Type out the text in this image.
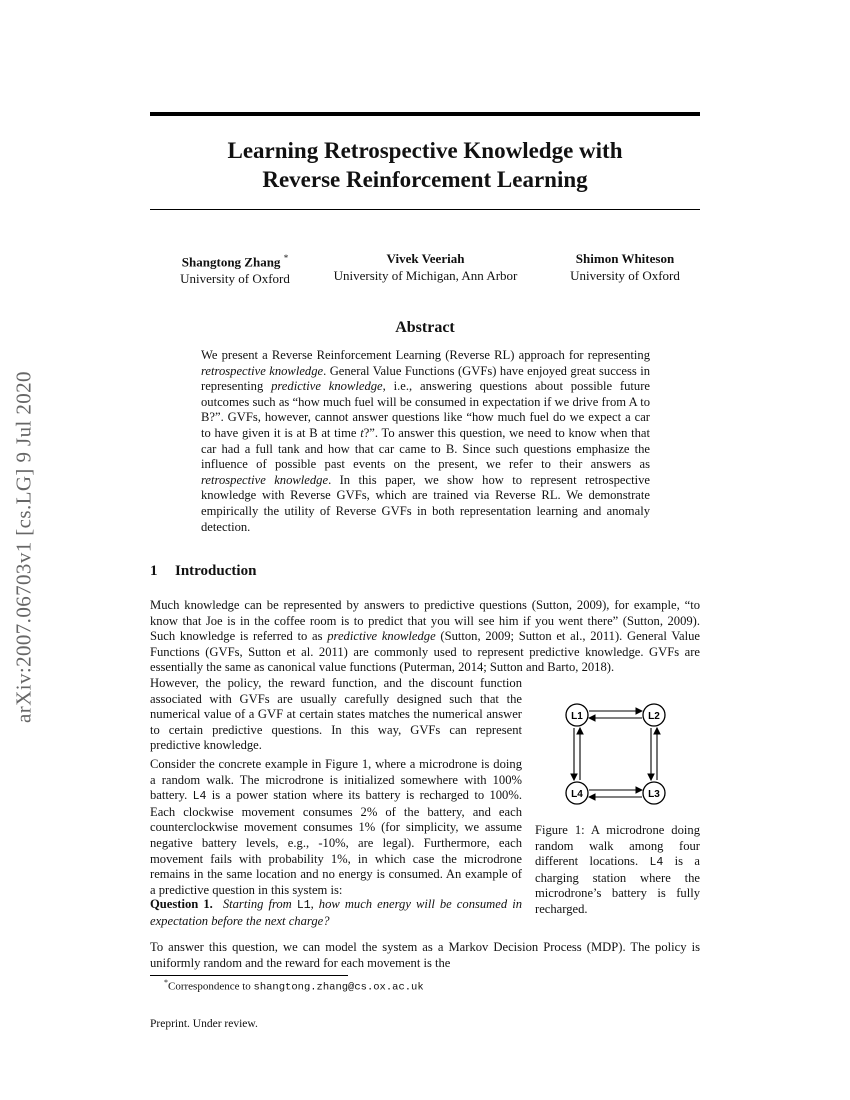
arXiv:2007.06703v1 [cs.LG] 9 Jul 2020
Learning Retrospective Knowledge with
Reverse Reinforcement Learning
Shangtong Zhang *
University of Oxford
Vivek Veeriah
University of Michigan, Ann Arbor
Shimon Whiteson
University of Oxford
Abstract
We present a Reverse Reinforcement Learning (Reverse RL) approach for representing retrospective knowledge. General Value Functions (GVFs) have enjoyed great success in representing predictive knowledge, i.e., answering questions about possible future outcomes such as “how much fuel will be consumed in expectation if we drive from A to B?”. GVFs, however, cannot answer questions like “how much fuel do we expect a car to have given it is at B at time t?”. To answer this question, we need to know when that car had a full tank and how that car came to B. Since such questions emphasize the influence of possible past events on the present, we refer to their answers as retrospective knowledge. In this paper, we show how to represent retrospective knowledge with Reverse GVFs, which are trained via Reverse RL. We demonstrate empirically the utility of Reverse GVFs in both representation learning and anomaly detection.
1 Introduction
Much knowledge can be represented by answers to predictive questions (Sutton, 2009), for example, “to know that Joe is in the coffee room is to predict that you will see him if you went there” (Sutton, 2009). Such knowledge is referred to as predictive knowledge (Sutton, 2009; Sutton et al., 2011). General Value Functions (GVFs, Sutton et al. 2011) are commonly used to represent predictive knowledge. GVFs are essentially the same as canonical value functions (Puterman, 2014; Sutton and Barto, 2018).
However, the policy, the reward function, and the discount function associated with GVFs are usually carefully designed such that the numerical value of a GVF at certain states matches the numerical answer to certain predictive questions. In this way, GVFs can represent predictive knowledge.
Consider the concrete example in Figure 1, where a microdrone is doing a random walk. The microdrone is initialized somewhere with 100% battery. L4 is a power station where its battery is recharged to 100%. Each clockwise movement consumes 2% of the battery, and each counterclockwise movement consumes 1% (for simplicity, we assume negative battery levels, e.g., -10%, are legal). Furthermore, each movement fails with probability 1%, in which case the microdrone remains in the same location and no energy is consumed. An example of a predictive question in this system is:
Question 1. Starting from L1, how much energy will be consumed in expectation before the next charge?
To answer this question, we can model the system as a Markov Decision Process (MDP). The policy is uniformly random and the reward for each movement is the
L1	L2
L3
L4
Figure 1: A microdrone doing random walk among four different locations. L4 is a charging station where the microdrone’s battery is fully recharged.
*Correspondence to shangtong.zhang@cs.ox.ac.uk
Preprint. Under review.
